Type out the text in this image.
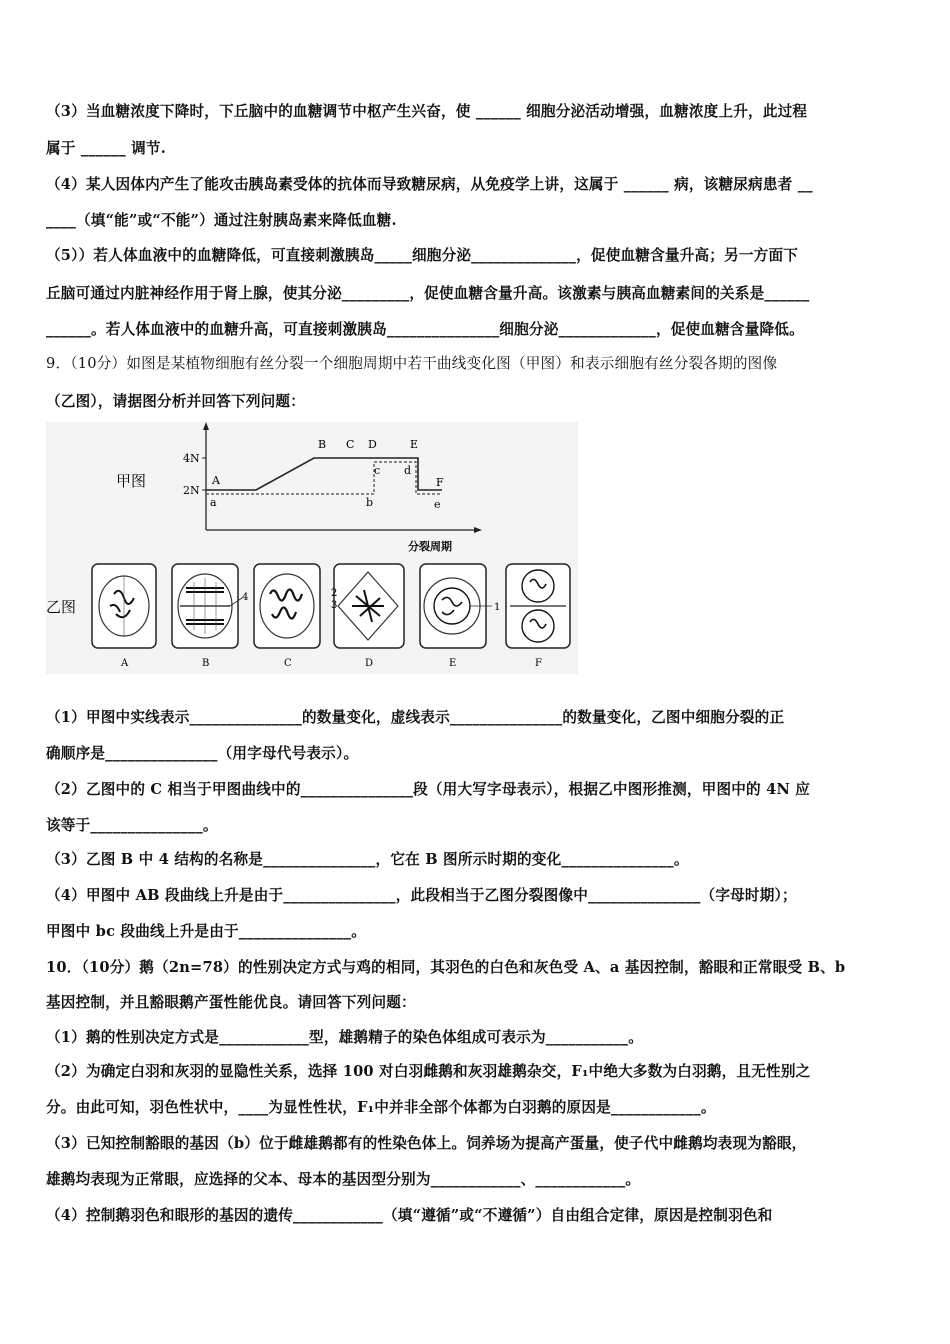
（3）当血糖浓度下降时，下丘脑中的血糖调节中枢产生兴奋，使 ______ 细胞分泌活动增强，血糖浓度上升，此过程
属于 ______ 调节.
（4）某人因体内产生了能攻击胰岛素受体的抗体而导致糖尿病，从免疫学上讲，这属于 ______ 病，该糖尿病患者 __
____（填“能”或“不能”）通过注射胰岛素来降低血糖.
（5））若人体血液中的血糖降低，可直接刺激胰岛_____细胞分泌______________，促使血糖含量升高；另一方面下
丘脑可通过内脏神经作用于肾上腺，使其分泌_________，促使血糖含量升高。该激素与胰高血糖素间的关系是______
______。若人体血液中的血糖升高，可直接刺激胰岛_______________细胞分泌_____________，促使血糖含量降低。
9．（10分）如图是某植物细胞有丝分裂一个细胞周期中若干曲线变化图（甲图）和表示细胞有丝分裂各期的图像
（乙图），请据图分析并回答下列问题：
甲图
4N
2N
A
B C D	E
F
a	b
c d
e
分裂周期
乙图
4	2
3	1
A	B	C	D	E	F
（1）甲图中实线表示_______________的数量变化，虚线表示_______________的数量变化，乙图中细胞分裂的正
确顺序是_______________（用字母代号表示）。
（2）乙图中的 C 相当于甲图曲线中的_______________段（用大写字母表示），根据乙中图形推测，甲图中的 4N 应
该等于_______________。
（3）乙图 B 中 4 结构的名称是_______________，它在 B 图所示时期的变化_______________。
（4）甲图中 AB 段曲线上升是由于_______________，此段相当于乙图分裂图像中_______________（字母时期）；
甲图中 bc 段曲线上升是由于_______________。
10．（10分）鹅（2n=78）的性别决定方式与鸡的相同，其羽色的白色和灰色受 A、a 基因控制，豁眼和正常眼受 B、b
基因控制，并且豁眼鹅产蛋性能优良。请回答下列问题：
（1）鹅的性别决定方式是____________型，雄鹅精子的染色体组成可表示为___________。
（2）为确定白羽和灰羽的显隐性关系，选择 100 对白羽雌鹅和灰羽雄鹅杂交，F₁中绝大多数为白羽鹅，且无性别之
分。由此可知，羽色性状中，____为显性性状，F₁中并非全部个体都为白羽鹅的原因是____________。
（3）已知控制豁眼的基因（b）位于雌雄鹅都有的性染色体上。饲养场为提高产蛋量，使子代中雌鹅均表现为豁眼，
雄鹅均表现为正常眼，应选择的父本、母本的基因型分别为____________、____________。
（4）控制鹅羽色和眼形的基因的遗传____________（填“遵循”或“不遵循”）自由组合定律，原因是控制羽色和
